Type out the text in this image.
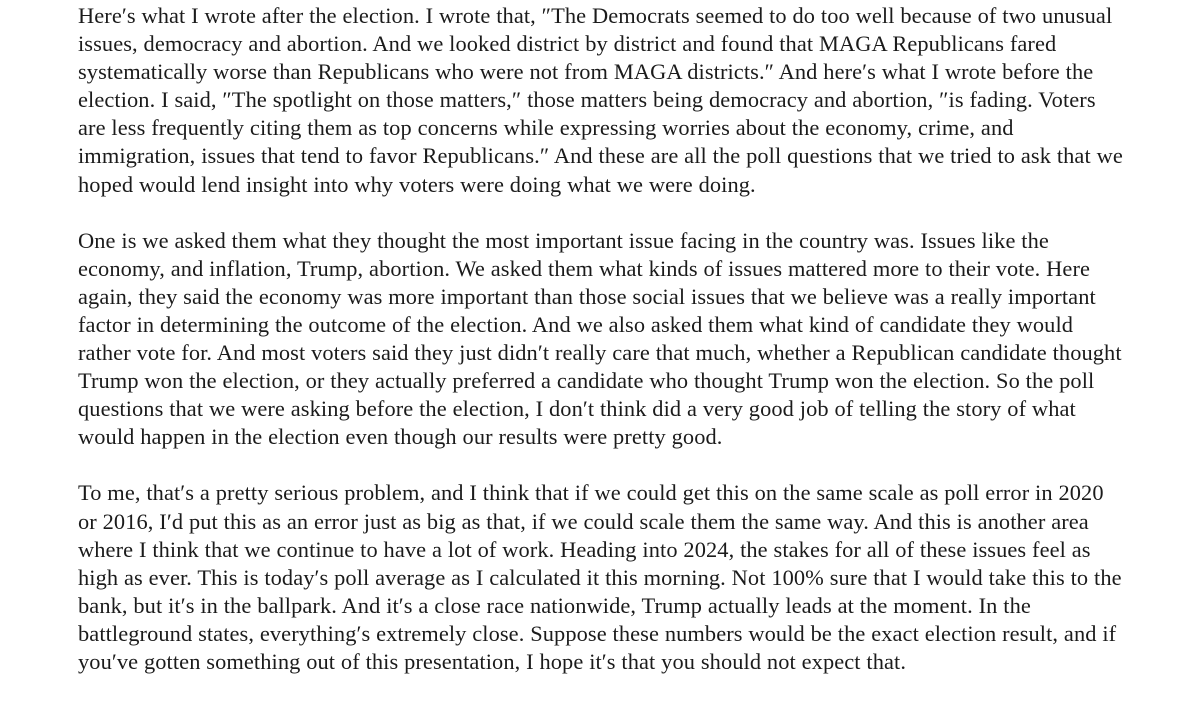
Here′s what I wrote after the election. I wrote that, ″The Democrats seemed to do too well because of two unusual issues, democracy and abortion. And we looked district by district and found that MAGA Republicans fared systematically worse than Republicans who were not from MAGA districts.″ And here′s what I wrote before the election. I said, ″The spotlight on those matters,″ those matters being democracy and abortion, ″is fading. Voters are less frequently citing them as top concerns while expressing worries about the economy, crime, and immigration, issues that tend to favor Republicans.″ And these are all the poll questions that we tried to ask that we hoped would lend insight into why voters were doing what we were doing.

One is we asked them what they thought the most important issue facing in the country was. Issues like the economy, and inflation, Trump, abortion. We asked them what kinds of issues mattered more to their vote. Here again, they said the economy was more important than those social issues that we believe was a really important factor in determining the outcome of the election. And we also asked them what kind of candidate they would rather vote for. And most voters said they just didn′t really care that much, whether a Republican candidate thought Trump won the election, or they actually preferred a candidate who thought Trump won the election. So the poll questions that we were asking before the election, I don′t think did a very good job of telling the story of what would happen in the election even though our results were pretty good.

To me, that′s a pretty serious problem, and I think that if we could get this on the same scale as poll error in 2020 or 2016, I′d put this as an error just as big as that, if we could scale them the same way. And this is another area where I think that we continue to have a lot of work. Heading into 2024, the stakes for all of these issues feel as high as ever. This is today′s poll average as I calculated it this morning. Not 100% sure that I would take this to the bank, but it′s in the ballpark. And it′s a close race nationwide, Trump actually leads at the moment. In the battleground states, everything′s extremely close. Suppose these numbers would be the exact election result, and if you′ve gotten something out of this presentation, I hope it′s that you should not expect that.
